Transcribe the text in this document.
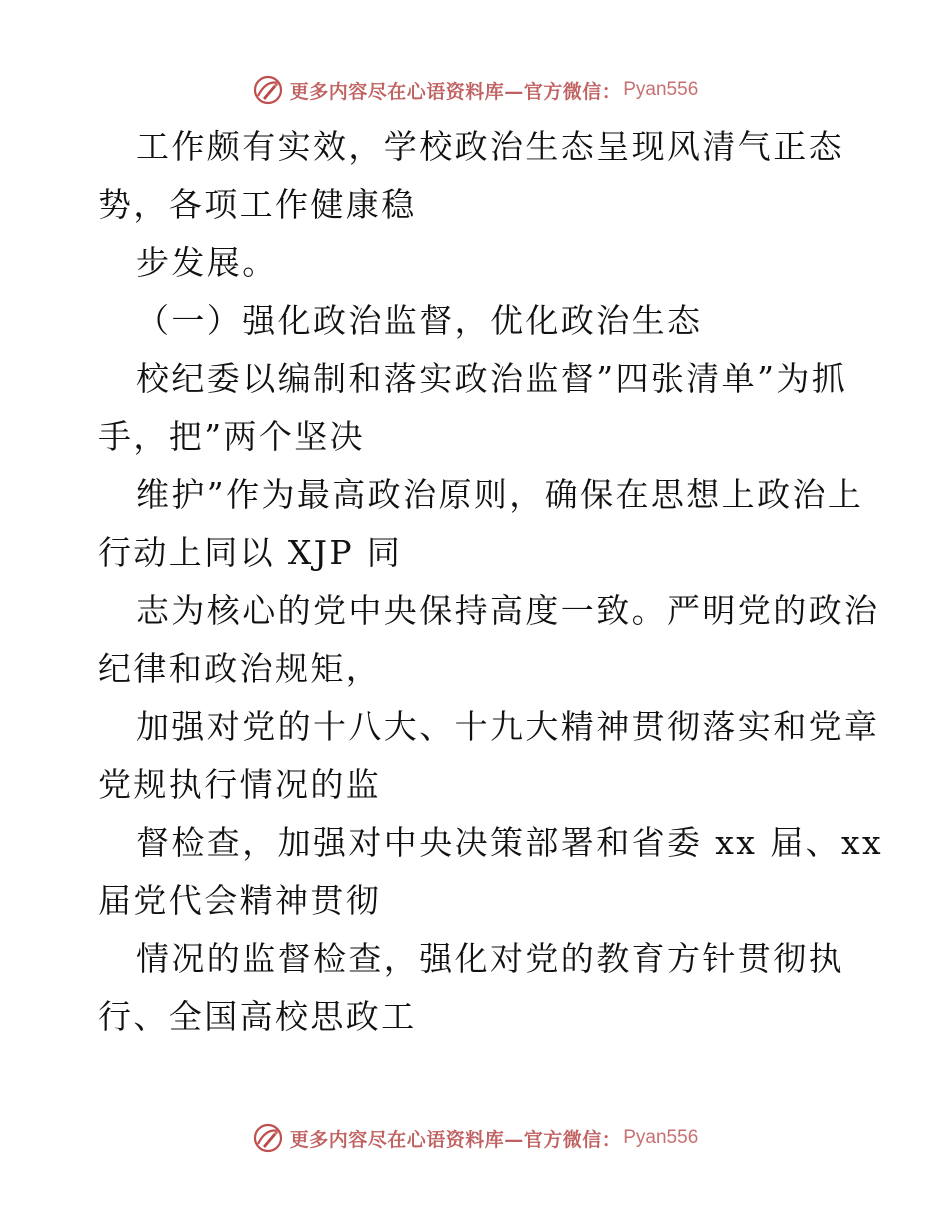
更多内容尽在心语资料库—官方微信： Pyan556
工作颇有实效，学校政治生态呈现风清气正态
势，各项工作健康稳
步发展。
（一）强化政治监督，优化政治生态
校纪委以编制和落实政治监督”四张清单”为抓
手，把”两个坚决
维护”作为最高政治原则，确保在思想上政治上
行动上同以 XJP 同
志为核心的党中央保持高度一致。严明党的政治
纪律和政治规矩，
加强对党的十八大、十九大精神贯彻落实和党章
党规执行情况的监
督检查，加强对中央决策部署和省委 xx 届、xx
届党代会精神贯彻
情况的监督检查，强化对党的教育方针贯彻执
行、全国高校思政工
更多内容尽在心语资料库—官方微信： Pyan556
